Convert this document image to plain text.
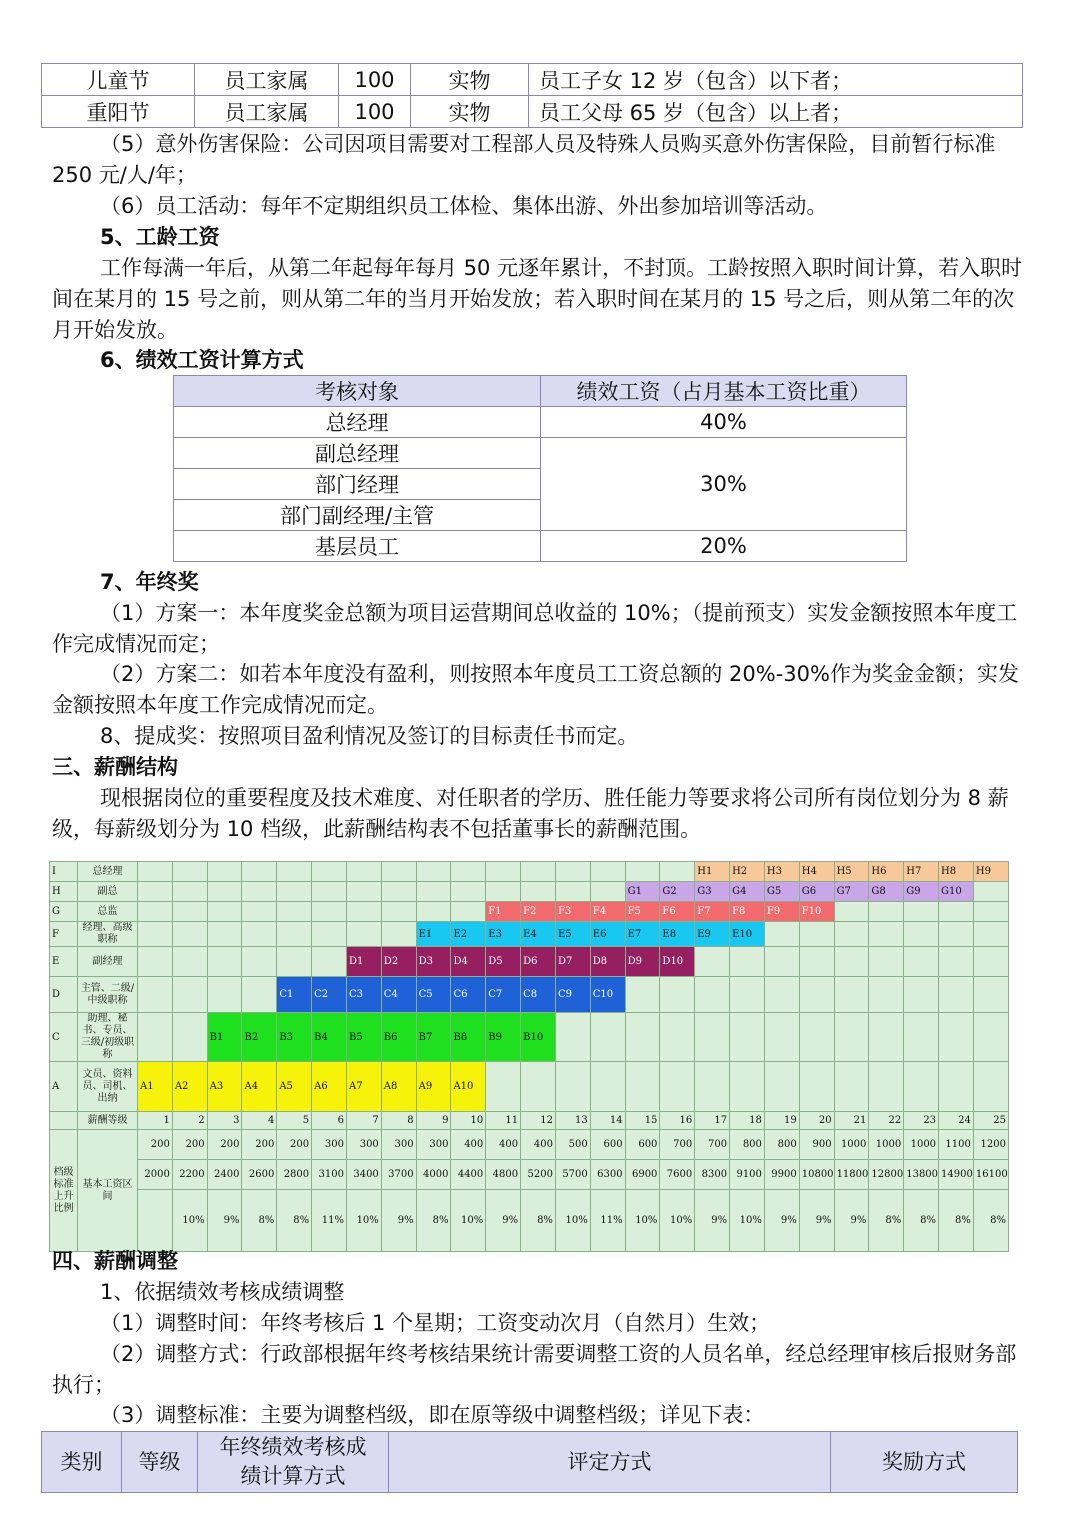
儿童节	员工家属	100	实物	员工子女 12 岁（包含）以下者；
重阳节	员工家属	100	实物	员工父母 65 岁（包含）以上者；

（5）意外伤害保险：公司因项目需要对工程部人员及特殊人员购买意外伤害保险，目前暂行标准 250 元/人/年；

（6）员工活动：每年不定期组织员工体检、集体出游、外出参加培训等活动。

5、工龄工资

工作每满一年后，从第二年起每年每月 50 元逐年累计，不封顶。工龄按照入职时间计算，若入职时间在某月的 15 号之前，则从第二年的当月开始发放；若入职时间在某月的 15 号之后，则从第二年的次月开始发放。

6、绩效工资计算方式

考核对象	绩效工资（占月基本工资比重）
总经理	40%
副总经理	30%
部门经理	
部门副经理/主管	
基层员工	20%

7、年终奖

（1）方案一：本年度奖金总额为项目运营期间总收益的 10%；（提前预支）实发金额按照本年度工作完成情况而定；

（2）方案二：如若本年度没有盈利，则按照本年度员工工资总额的 20%-30%作为奖金金额；实发金额按照本年度工作完成情况而定。

8、提成奖：按照项目盈利情况及签订的目标责任书而定。

三、薪酬结构

现根据岗位的重要程度及技术难度、对任职者的学历、胜任能力等要求将公司所有岗位划分为 8 薪级，每薪级划分为 10 档级，此薪酬结构表不包括董事长的薪酬范围。

I	总经理																	H1	H2	H3	H4	H5	H6	H7	H8	H9
H	副总															G1	G2	G3	G4	G5	G6	G7	G8	G9	G10	
G	总监											F1	F2	F3	F4	F5	F6	F7	F8	F9	F10					
F	经理、高级职称									E1	E2	E3	E4	E5	E6	E7	E8	E9	E10							
E	副经理							D1	D2	D3	D4	D5	D6	D7	D8	D9	D10									
D	主管、二级/中级职称					C1	C2	C3	C4	C5	C6	C7	C8	C9	C10											
C	助理、秘书、专员、三级/初级职称			B1	B2	B3	B4	B5	B6	B7	B8	B9	B10													
A	文员、资料员、司机、出纳	A1	A2	A3	A4	A5	A6	A7	A8	A9	A10															
	薪酬等级	1	2	3	4	5	6	7	8	9	10	11	12	13	14	15	16	17	18	19	20	21	22	23	24	25
档级标准上升比例	基本工资区间	200	200	200	200	200	300	300	300	300	400	400	400	500	600	600	700	700	800	800	900	1000	1000	1000	1100	1200
		2000	2200	2400	2600	2800	3100	3400	3700	4000	4400	4800	5200	5700	6300	6900	7600	8300	9100	9900	10800	11800	12800	13800	14900	16100
			10%	9%	8%	8%	11%	10%	9%	8%	10%	9%	8%	10%	11%	10%	10%	9%	10%	9%	9%	9%	8%	8%	8%	8%

四、薪酬调整

1、依据绩效考核成绩调整

（1）调整时间：年终考核后 1 个星期；工资变动次月（自然月）生效；

（2）调整方式：行政部根据年终考核结果统计需要调整工资的人员名单，经总经理审核后报财务部执行；

（3）调整标准：主要为调整档级，即在原等级中调整档级；详见下表：

类别	等级	年终绩效考核成
绩计算方式	评定方式	奖励方式
